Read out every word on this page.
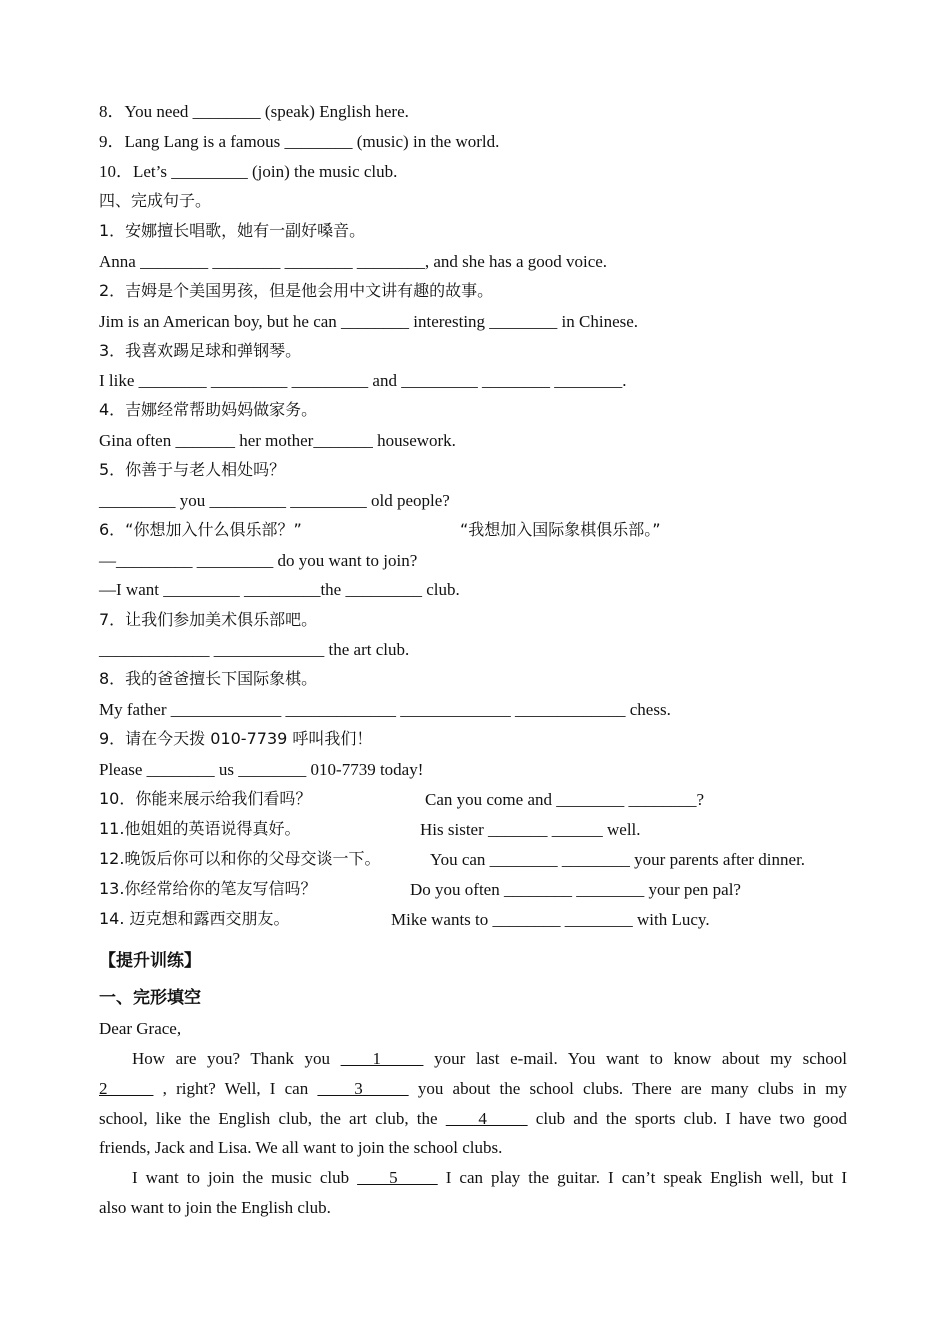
8．You need ________ (speak) English here.
9．Lang Lang is a famous ________ (music) in the world.
10．Let’s _________ (join) the music club.
四、完成句子。
1．安娜擅长唱歌，她有一副好嗓音。
Anna ________ ________ ________ ________, and she has a good voice.
2．吉姆是个美国男孩，但是他会用中文讲有趣的故事。
Jim is an American boy, but he can ________ interesting ________ in Chinese.
3．我喜欢踢足球和弹钢琴。
I like ________ _________ _________ and _________ ________ ________.
4．吉娜经常帮助妈妈做家务。
Gina often _______ her mother_______ housework.
5．你善于与老人相处吗？
_________ you _________ _________ old people?
6．“你想加入什么俱乐部？”	“我想加入国际象棋俱乐部。”
—_________ _________ do you want to join?
—I want _________ _________the _________ club.
7．让我们参加美术俱乐部吧。
_____________ _____________ the art club.
8．我的爸爸擅长下国际象棋。
My father _____________ _____________ _____________ _____________ chess.
9．请在今天拨 010-7739 呼叫我们！
Please ________ us ________ 010-7739 today!
10．你能来展示给我们看吗？	Can you come and ________ ________?
11.他姐姐的英语说得真好。	His sister _______ ______ well.
12.晚饭后你可以和你的父母交谈一下。	You can ________ ________ your parents after dinner.
13.你经常给你的笔友写信吗？	Do you often ________ ________ your pen pal?
14. 迈克想和露西交朋友。	Mike wants to ________ ________ with Lucy.
【提升训练】
一、完形填空
Dear Grace,
How are you? Thank you    1     your last e-mail. You want to know about my school
2      , right? Well, I can     3      you about the school clubs. There are many clubs in my
school, like the English club, the art club, the     4      club and the sports club. I have two good
friends, Jack and Lisa. We all want to join the school clubs.
I want to join the music club     5      I can play the guitar. I can’t speak English well, but I
also want to join the English club.
